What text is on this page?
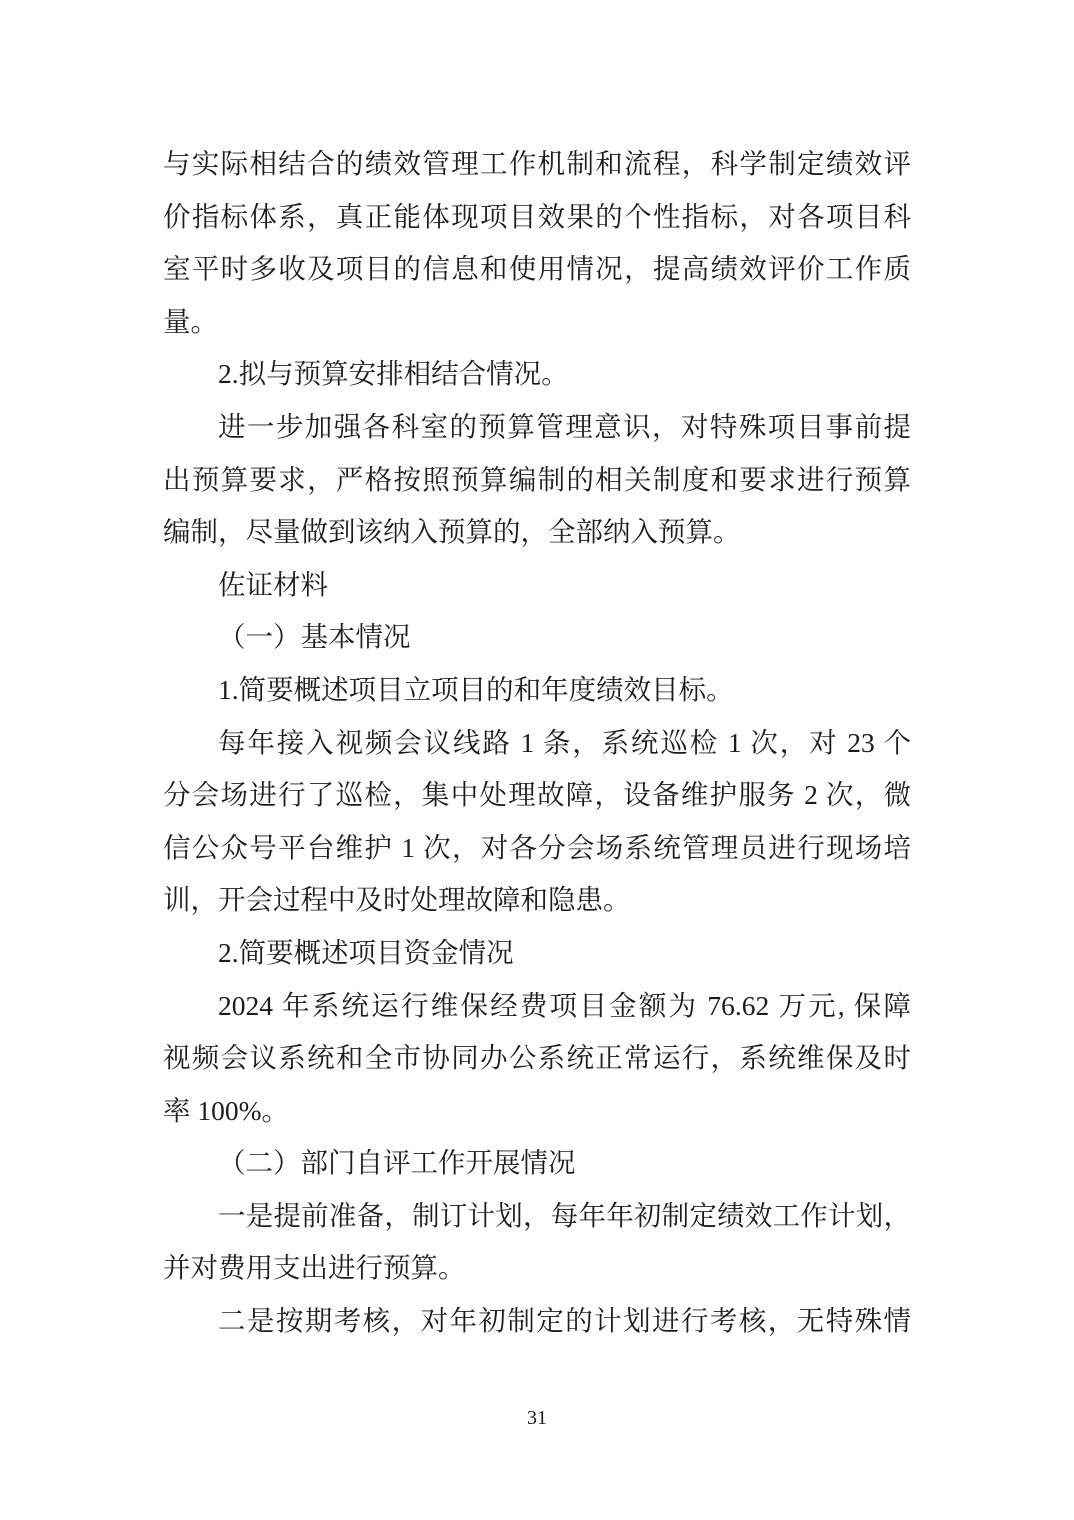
与实际相结合的绩效管理工作机制和流程，科学制定绩效评
价指标体系，真正能体现项目效果的个性指标，对各项目科
室平时多收及项目的信息和使用情况，提高绩效评价工作质
量。
2.拟与预算安排相结合情况。
进一步加强各科室的预算管理意识，对特殊项目事前提
出预算要求，严格按照预算编制的相关制度和要求进行预算
编制，尽量做到该纳入预算的，全部纳入预算。
佐证材料
（一）基本情况
1.简要概述项目立项目的和年度绩效目标。
每年接入视频会议线路 1 条，系统巡检 1 次，对 23 个
分会场进行了巡检，集中处理故障，设备维护服务 2 次，微
信公众号平台维护 1 次，对各分会场系统管理员进行现场培
训，开会过程中及时处理故障和隐患。
2.简要概述项目资金情况
2024 年系统运行维保经费项目金额为 76.62 万元, 保障
视频会议系统和全市协同办公系统正常运行，系统维保及时
率 100%。
（二）部门自评工作开展情况
一是提前准备，制订计划，每年年初制定绩效工作计划，
并对费用支出进行预算。
二是按期考核，对年初制定的计划进行考核，无特殊情
31
